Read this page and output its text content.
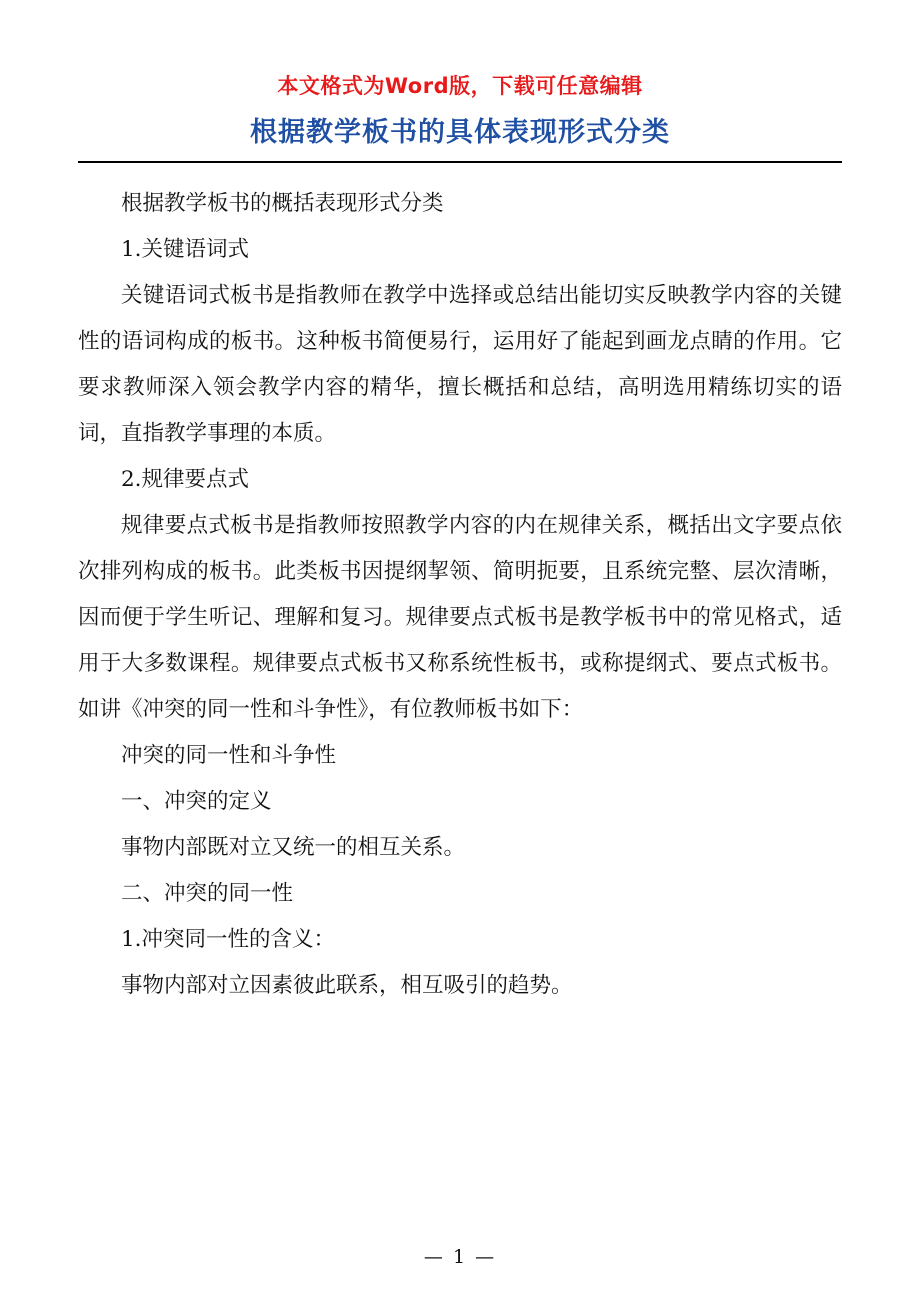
本文格式为Word版，下载可任意编辑
根据教学板书的具体表现形式分类

根据教学板书的概括表现形式分类

1.关键语词式

关键语词式板书是指教师在教学中选择或总结出能切实反映教学内容的关键性的语词构成的板书。这种板书简便易行，运用好了能起到画龙点睛的作用。它要求教师深入领会教学内容的精华，擅长概括和总结，高明选用精练切实的语词，直指教学事理的本质。

2.规律要点式

规律要点式板书是指教师按照教学内容的内在规律关系，概括出文字要点依次排列构成的板书。此类板书因提纲挈领、简明扼要，且系统完整、层次清晰，因而便于学生听记、理解和复习。规律要点式板书是教学板书中的常见格式，适用于大多数课程。规律要点式板书又称系统性板书，或称提纲式、要点式板书。如讲《冲突的同一性和斗争性》，有位教师板书如下：

冲突的同一性和斗争性

一、冲突的定义

事物内部既对立又统一的相互关系。

二、冲突的同一性

1.冲突同一性的含义：

事物内部对立因素彼此联系，相互吸引的趋势。

— 1 —
